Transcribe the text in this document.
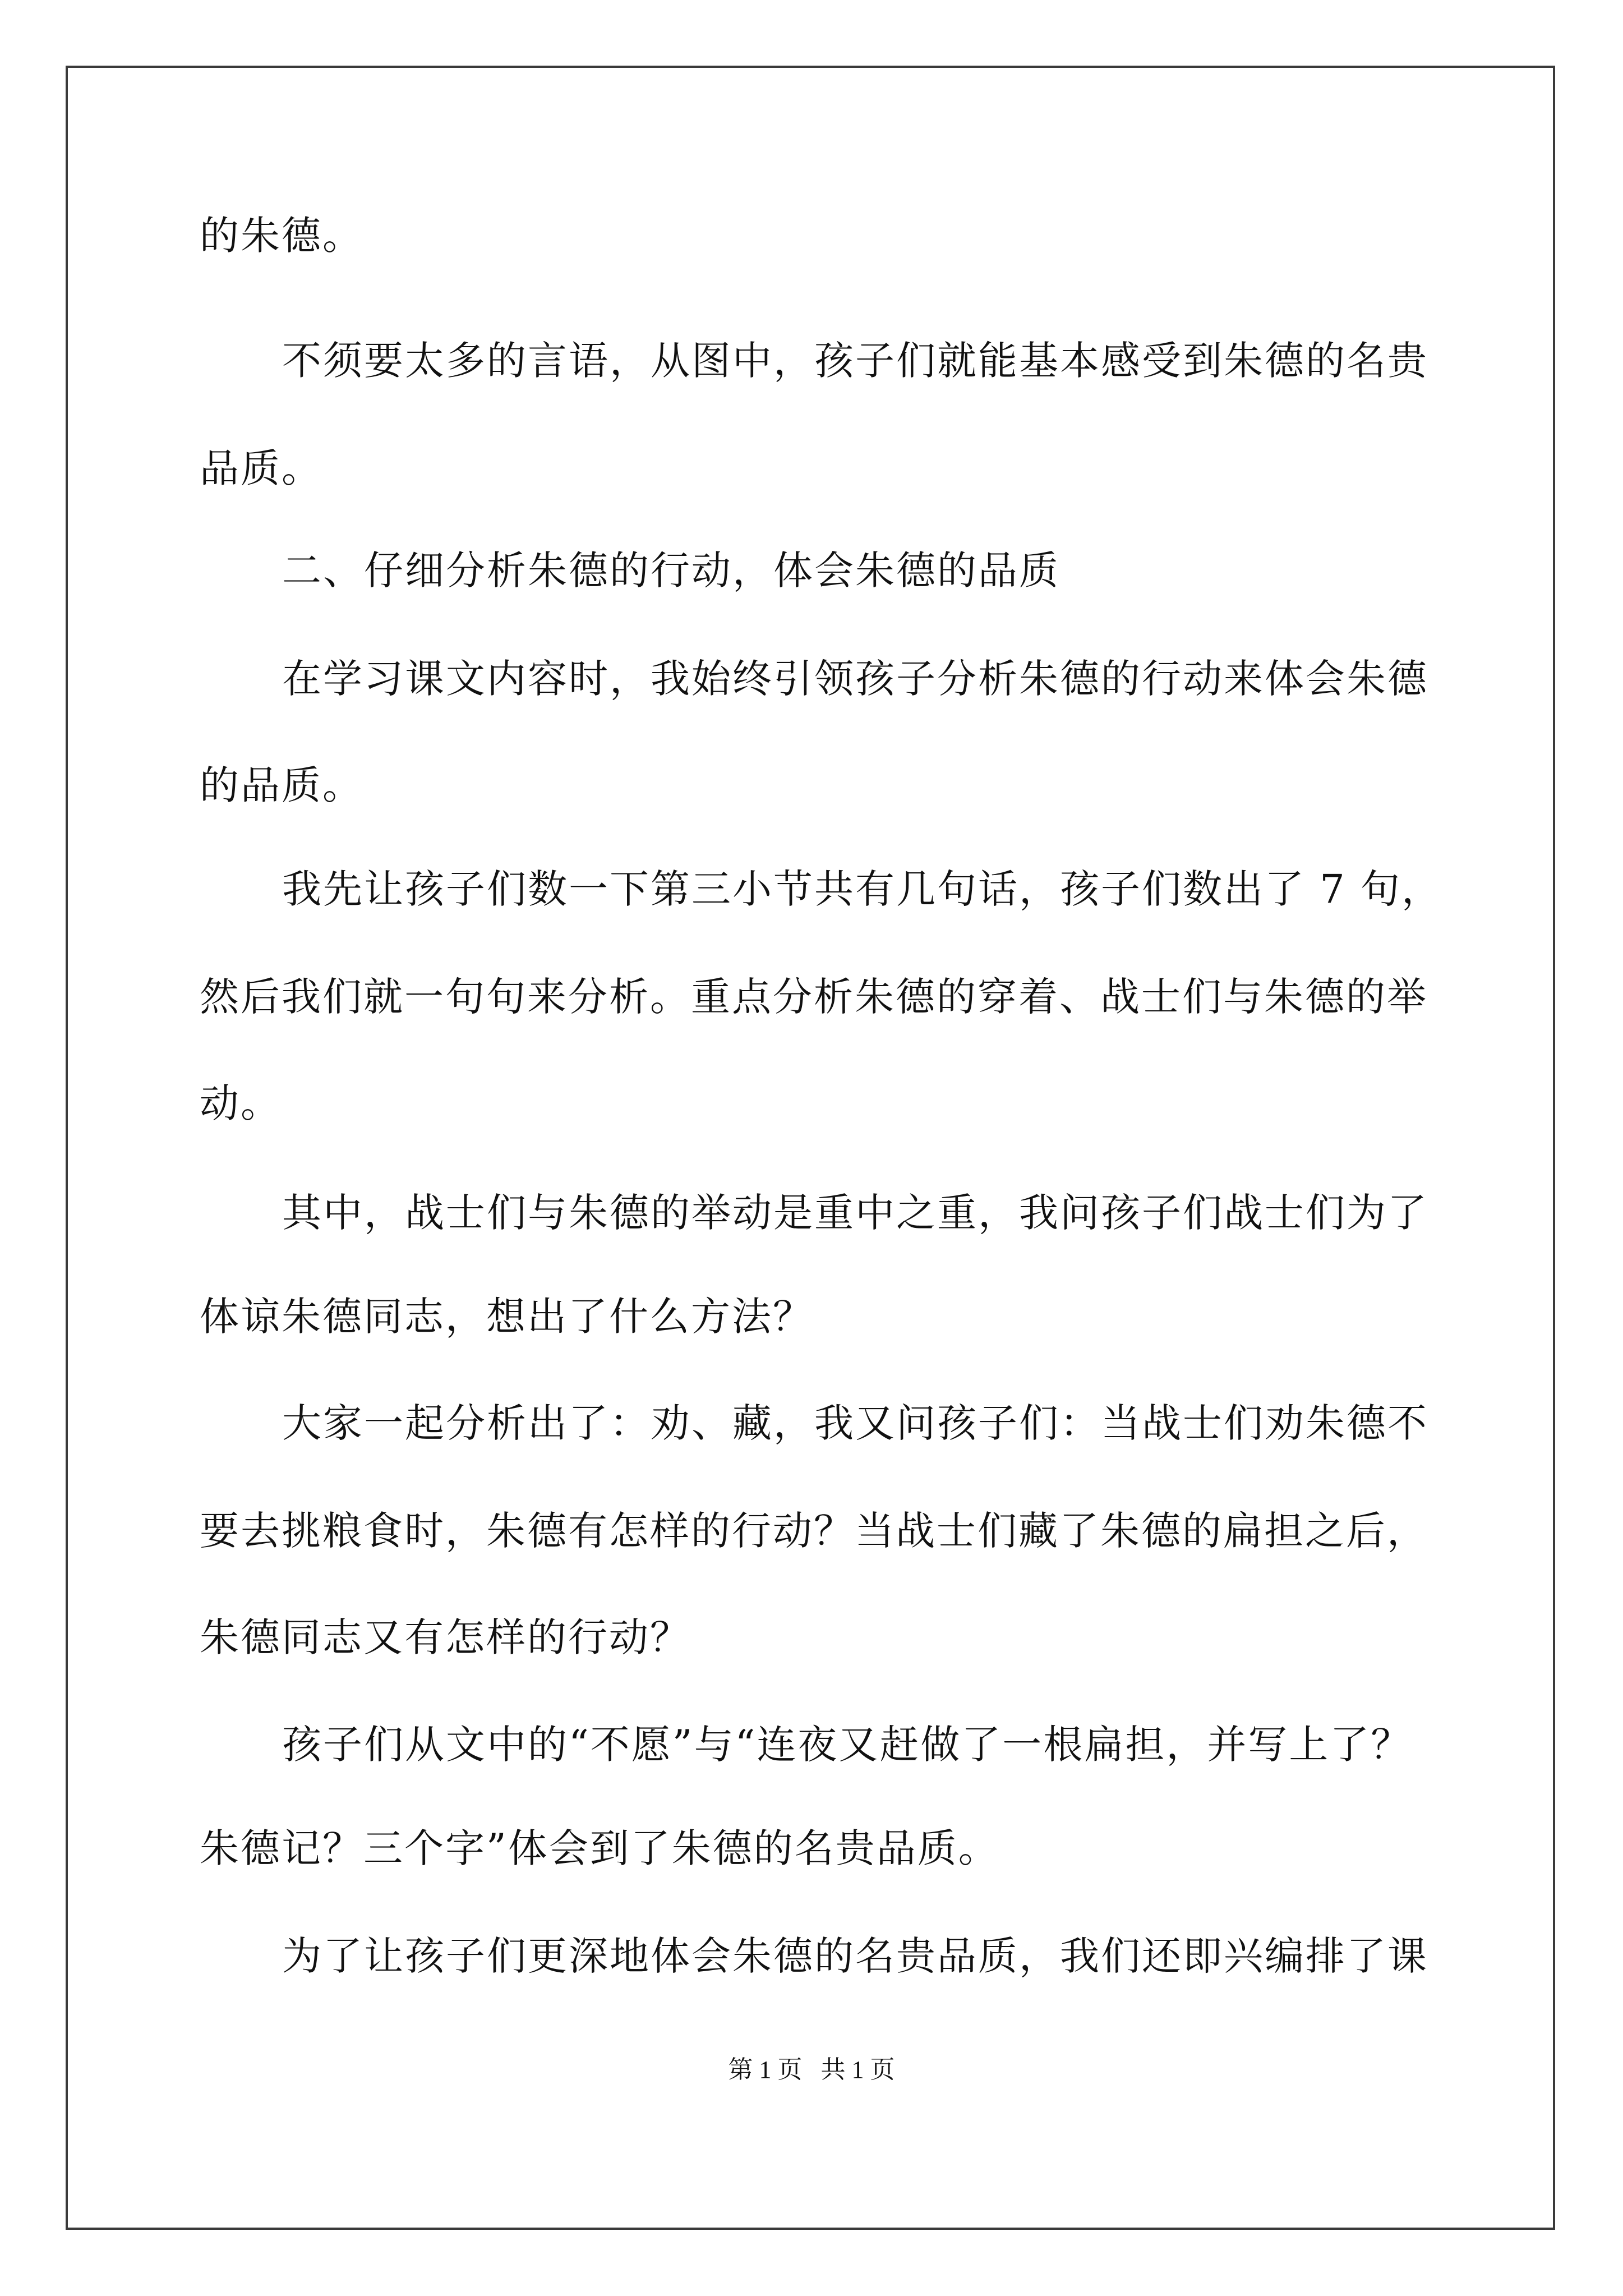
的朱德。
不须要太多的言语，从图中，孩子们就能基本感受到朱德的名贵
品质。
二、仔细分析朱德的行动，体会朱德的品质
在学习课文内容时，我始终引领孩子分析朱德的行动来体会朱德
的品质。
我先让孩子们数一下第三小节共有几句话，孩子们数出了 7 句，
然后我们就一句句来分析。重点分析朱德的穿着、战士们与朱德的举
动。
其中，战士们与朱德的举动是重中之重，我问孩子们战士们为了
体谅朱德同志，想出了什么方法？
大家一起分析出了：劝、藏，我又问孩子们：当战士们劝朱德不
要去挑粮食时，朱德有怎样的行动？当战士们藏了朱德的扁担之后，
朱德同志又有怎样的行动？
孩子们从文中的“不愿”与“连夜又赶做了一根扁担，并写上了？
朱德记？三个字”体会到了朱德的名贵品质。
为了让孩子们更深地体会朱德的名贵品质，我们还即兴编排了课
第 1 页   共 1 页
